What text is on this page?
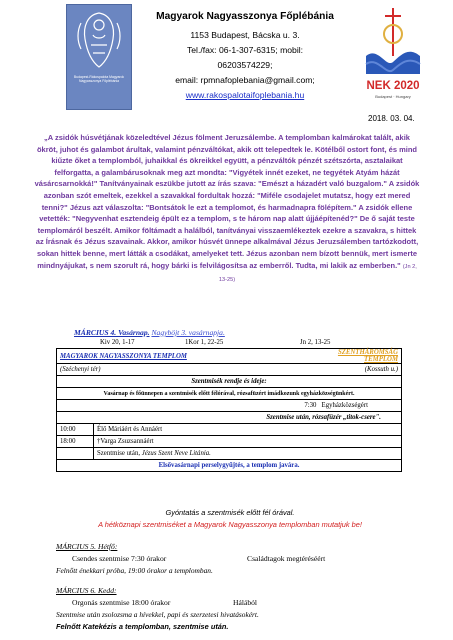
Budapest-Rákospalota Magyarok Nagyasszonya Főplébánia
Magyarok Nagyasszonya Főplébánia
1153 Budapest, Bácska u. 3.
Tel./fax: 06-1-307-6315; mobil:
06203574229;
email: rpmnafoplebania@gmail.com;
www.rakospalotaifoplebania.hu
NEK 2020
Budapest · Hungary
2018. 03. 04.
„A zsidók húsvétjának közeledtével Jézus fölment Jeruzsálembe. A templomban kalmárokat talált, akik ökröt, juhot és galambot árultak, valamint pénzváltókat, akik ott telepedtek le. Kötélből ostort font, és mind kiűzte őket a templomból, juhaikkal és ökreikkel együtt, a pénzváltók pénzét szétszórta, asztalaikat felforgatta, a galambárusoknak meg azt mondta: "Vigyétek innét ezeket, ne tegyétek Atyám házát vásárcsarnokká!" Tanítványainak eszükbe jutott az írás szava: "Emészt a házadért való buzgalom." A zsidók azonban szót emeltek, ezekkel a szavakkal fordultak hozzá: "Miféle csodajelet mutatsz, hogy ezt mered tenni?" Jézus azt válaszolta: "Bontsátok le ezt a templomot, és harmadnapra fölépítem." A zsidók ellene vetették: "Negyvenhat esztendeig épült ez a templom, s te három nap alatt újjáépítenéd?" De ő saját teste templomáról beszélt. Amikor föltámadt a halálból, tanítványai visszaemlékeztek ezekre a szavakra, s hittek az Írásnak és Jézus szavainak. Akkor, amikor húsvét ünnepe alkalmával Jézus Jeruzsálemben tartózkodott, sokan hittek benne, mert látták a csodákat, amelyeket tett. Jézus azonban nem bízott bennük, mert ismerte mindnyájukat, s nem szorult rá, hogy bárki is felvilágosítsa az emberről. Tudta, mi lakik az emberben." (Jn 2, 13-25)
MÁRCIUS 4. Vasárnap. Nagyböjt 3. vasárnapja.
Kiv 20, 1-17	1Kor 1, 22-25	Jn 2, 13-25
MAGYAROK NAGYASSZONYA TEMPLOM		SZENTHÁROMSÁG TEMPLOM
(Széchenyi tér)		(Kossuth u.)
Szentmisék rendje és ideje:		
Vasárnap és főünnepen a szentmisék előtt félórával, rózsafüzért imádkozunk egyházközségünkért.		
		7:30 Egyházközségért
Szentmise után, rózsafüzér „titok-csere".		
10:00	Élő Máriáért és Annáért	
18:00	†Varga Zsuzsannáért	
	Szentmise után, Jézus Szent Neve Litánia.	
Elsővasárnapi perselygyűjtés, a templom javára.		
Gyóntatás a szentmisék előtt fél órával.
A hétköznapi szentmiséket a Magyarok Nagyasszonya templomban mutatjuk be!
MÁRCIUS 5. Hétfő:
Csendes szentmise 7:30 órakor	Családtagok megtéréséért
Felnőtt énekkari próba, 19:00 órakor a templomban.
MÁRCIUS 6. Kedd:
Orgonás szentmise 18:00 órakor	Hálából
Szentmise után zsolozsma a hívekkel, papi és szerzetesi hivatásokért.
Felnőtt Katekézis a templomban, szentmise után.
